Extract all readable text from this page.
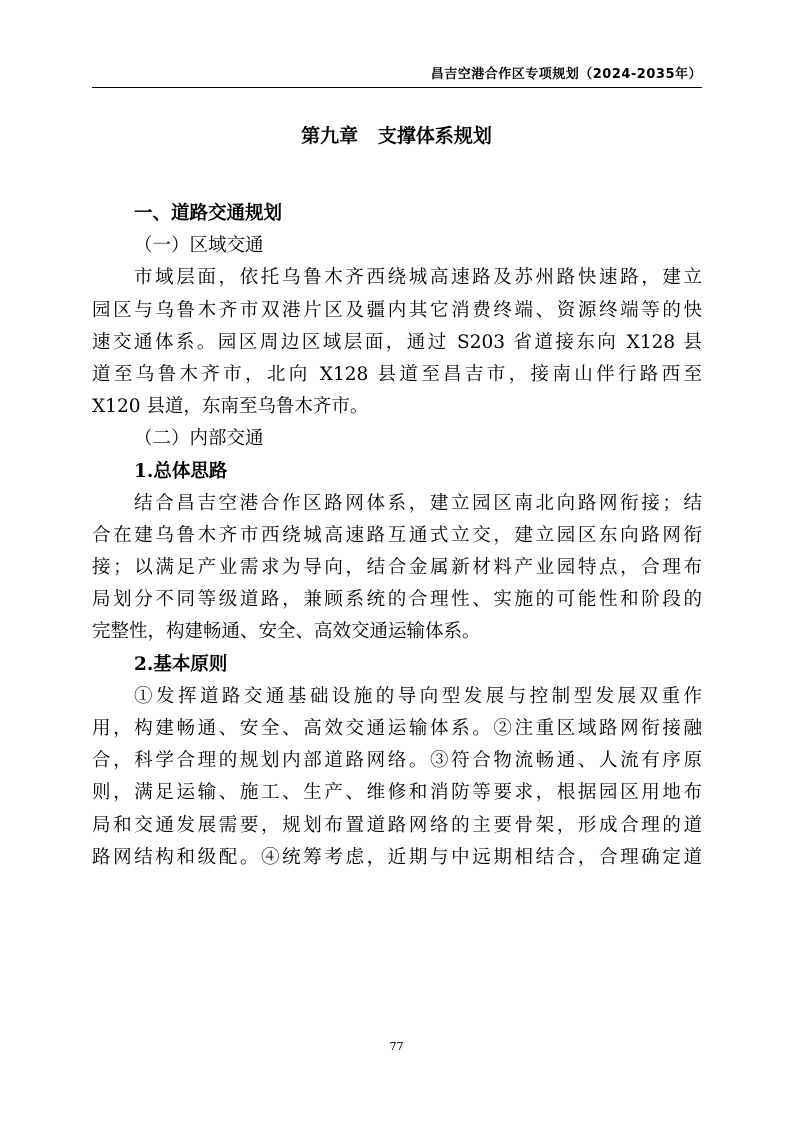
昌吉空港合作区专项规划（2024-2035年）
第九章   支撑体系规划
一、道路交通规划
（一）区域交通
市域层面，依托乌鲁木齐西绕城高速路及苏州路快速路，建立
园区与乌鲁木齐市双港片区及疆内其它消费终端、资源终端等的快
速交通体系。园区周边区域层面，通过 S203 省道接东向 X128 县
道至乌鲁木齐市，北向 X128 县道至昌吉市，接南山伴行路西至
X120 县道，东南至乌鲁木齐市。
（二）内部交通
1.总体思路
结合昌吉空港合作区路网体系，建立园区南北向路网衔接；结
合在建乌鲁木齐市西绕城高速路互通式立交，建立园区东向路网衔
接；以满足产业需求为导向，结合金属新材料产业园特点，合理布
局划分不同等级道路，兼顾系统的合理性、实施的可能性和阶段的
完整性，构建畅通、安全、高效交通运输体系。
2.基本原则
①发挥道路交通基础设施的导向型发展与控制型发展双重作
用，构建畅通、安全、高效交通运输体系。②注重区域路网衔接融
合，科学合理的规划内部道路网络。③符合物流畅通、人流有序原
则，满足运输、施工、生产、维修和消防等要求，根据园区用地布
局和交通发展需要，规划布置道路网络的主要骨架，形成合理的道
路网结构和级配。④统筹考虑，近期与中远期相结合，合理确定道
77
